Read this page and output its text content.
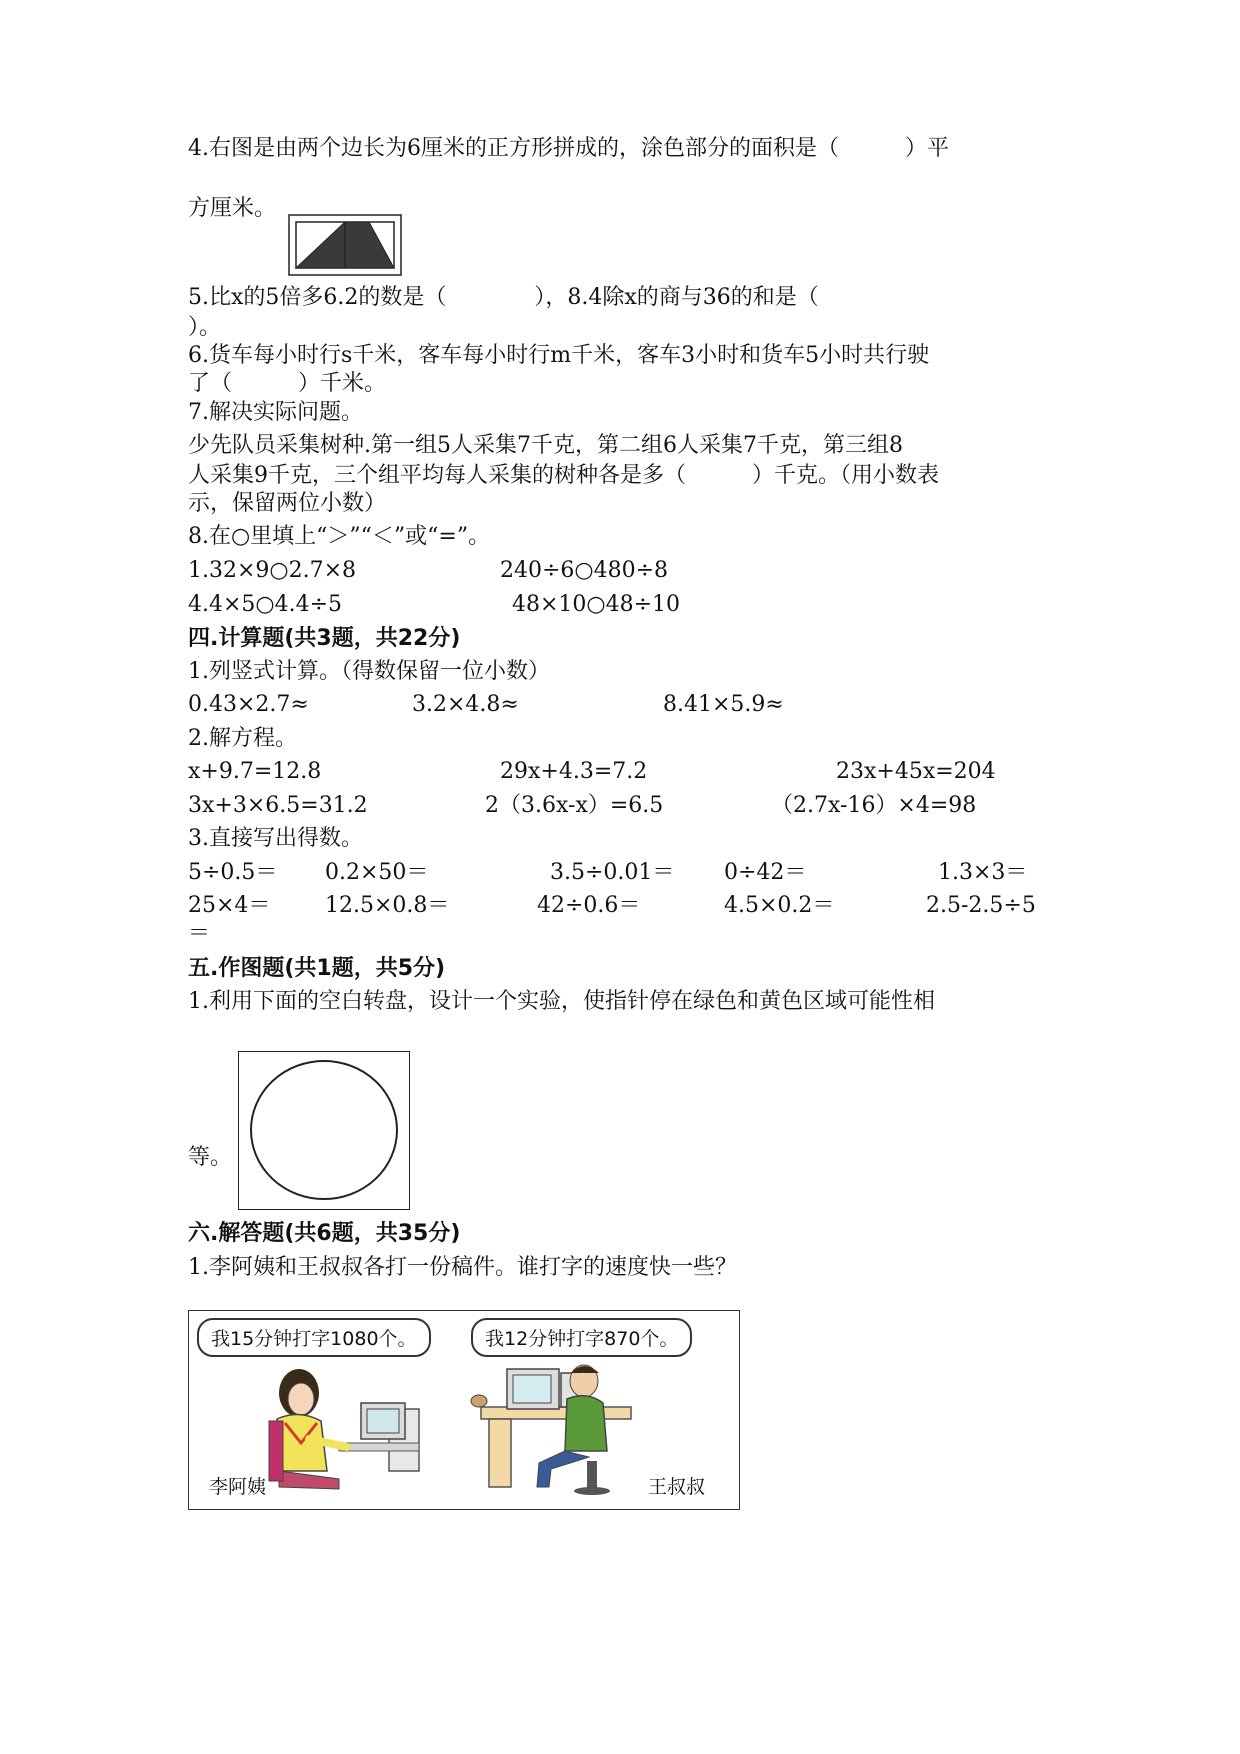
4.右图是由两个边长为6厘米的正方形拼成的，涂色部分的面积是（　　　）平
方厘米。
5.比x的5倍多6.2的数是（　　　　），8.4除x的商与36的和是（
）。
6.货车每小时行s千米，客车每小时行m千米，客车3小时和货车5小时共行驶
了（　　　）千米。
7.解决实际问题。
少先队员采集树种.第一组5人采集7千克，第二组6人采集7千克，第三组8
人采集9千克，三个组平均每人采集的树种各是多（　　　）千克。（用小数表
示，保留两位小数）
8.在○里填上“＞”“＜”或“=”。
1.32×9○2.7×8	240÷6○480÷8
4.4×5○4.4÷5	48×10○48÷10
四.计算题(共3题，共22分)
1.列竖式计算。（得数保留一位小数）
0.43×2.7≈	3.2×4.8≈	8.41×5.9≈
2.解方程。
x+9.7=12.8	29x+4.3=7.2	23x+45x=204
3x+3×6.5=31.2	2（3.6x-x）=6.5	（2.7x-16）×4=98
3.直接写出得数。
5÷0.5＝ 0.2×50＝	3.5÷0.01＝ 0÷42＝	1.3×3＝
25×4＝ 12.5×0.8＝	42÷0.6＝	4.5×0.2＝	2.5-2.5÷5
＝
五.作图题(共1题，共5分)
1.利用下面的空白转盘，设计一个实验，使指针停在绿色和黄色区域可能性相
等。
六.解答题(共6题，共35分)
1.李阿姨和王叔叔各打一份稿件。谁打字的速度快一些？
我15分钟打字1080个。	我12分钟打字870个。
李阿姨	王叔叔
